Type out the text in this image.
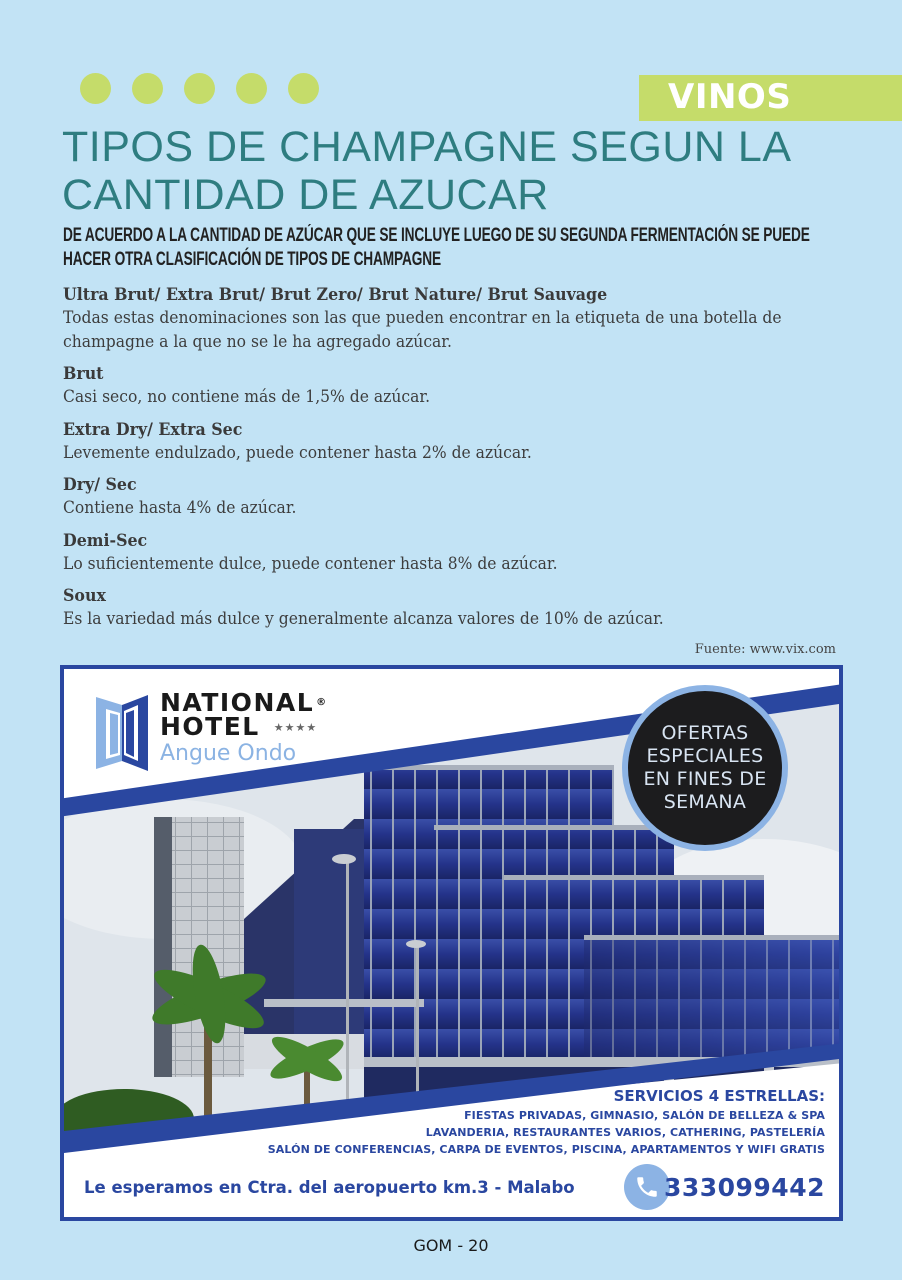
VINOS
TIPOS DE CHAMPAGNE SEGUN LA CANTIDAD DE AZUCAR
DE ACUERDO A LA CANTIDAD DE AZÚCAR QUE SE INCLUYE LUEGO DE SU SEGUNDA FERMENTACIÓN SE PUEDE HACER OTRA CLASIFICACIÓN DE TIPOS DE CHAMPAGNE
Ultra Brut/ Extra Brut/ Brut Zero/ Brut Nature/ Brut Sauvage

Todas estas denominaciones son las que pueden encontrar en la etiqueta de una botella de champagne a la que no se le ha agregado azúcar.

Brut

Casi seco, no contiene más de 1,5% de azúcar.

Extra Dry/ Extra Sec

Levemente endulzado, puede contener hasta 2% de azúcar.

Dry/ Sec

Contiene hasta 4% de azúcar.

Demi-Sec

Lo suficientemente dulce, puede contener hasta 8% de azúcar.

Soux

Es la variedad más dulce y generalmente alcanza valores de 10% de azúcar.

Fuente: www.vix.com
NATIONAL ®
HOTEL ★★★★
Angue Ondo
OFERTAS
ESPECIALES
EN FINES DE
SEMANA
SERVICIOS 4 ESTRELLAS:
FIESTAS PRIVADAS, GIMNASIO, SALÓN DE BELLEZA & SPA
LAVANDERIA, RESTAURANTES VARIOS, CATHERING, PASTELERÍA
SALÓN DE CONFERENCIAS, CARPA DE EVENTOS, PISCINA, APARTAMENTOS Y WIFI GRATIS
Le esperamos en Ctra. del aeropuerto km.3 - Malabo	333099442
GOM - 20
